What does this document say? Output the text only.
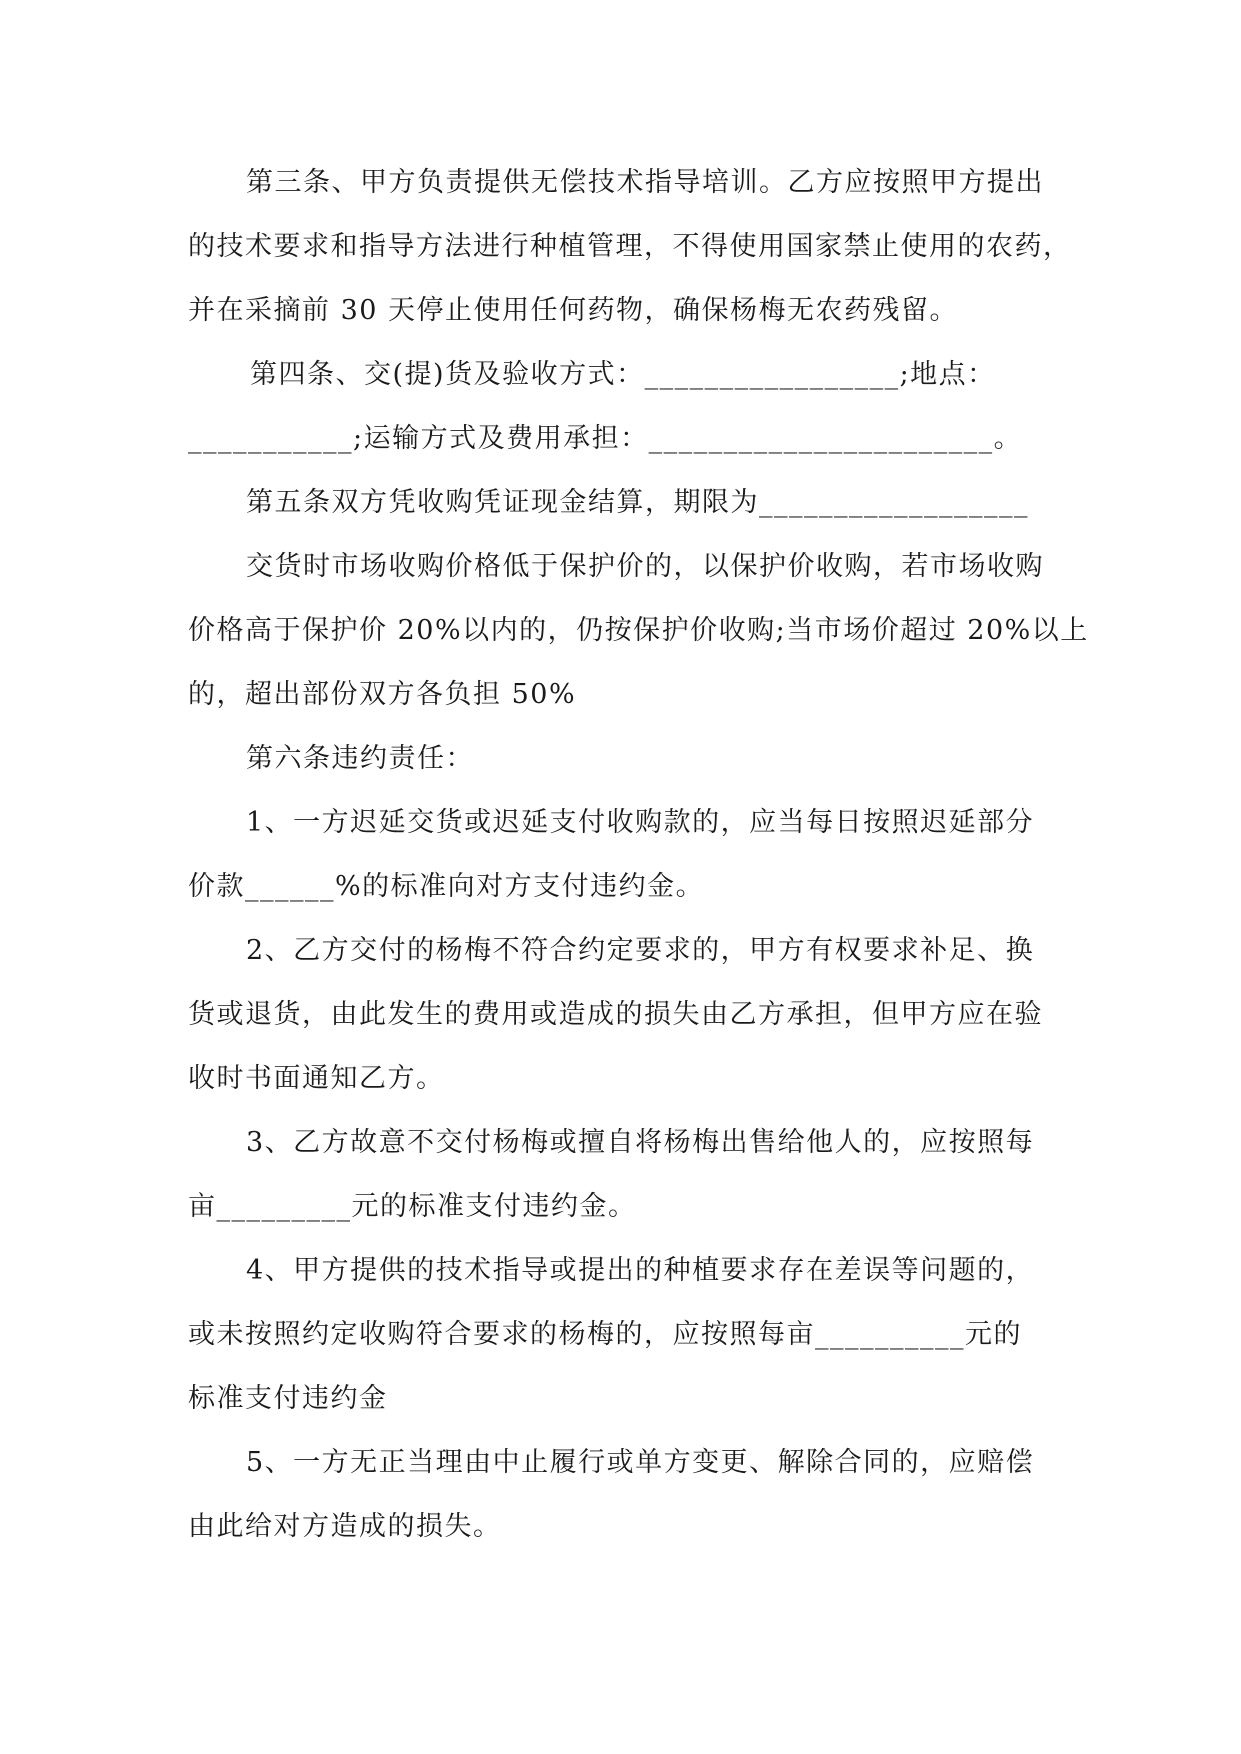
第三条、甲方负责提供无偿技术指导培训。乙方应按照甲方提出
的技术要求和指导方法进行种植管理，不得使用国家禁止使用的农药，
并在采摘前 30 天停止使用任何药物，确保杨梅无农药残留。
第四条、交(提)货及验收方式：_________________;地点：
___________;运输方式及费用承担：_______________________。
第五条双方凭收购凭证现金结算，期限为__________________
交货时市场收购价格低于保护价的，以保护价收购，若市场收购
价格高于保护价 20%以内的，仍按保护价收购;当市场价超过 20%以上
的，超出部份双方各负担 50%
第六条违约责任：
1、一方迟延交货或迟延支付收购款的，应当每日按照迟延部分
价款______%的标准向对方支付违约金。
2、乙方交付的杨梅不符合约定要求的，甲方有权要求补足、换
货或退货，由此发生的费用或造成的损失由乙方承担，但甲方应在验
收时书面通知乙方。
3、乙方故意不交付杨梅或擅自将杨梅出售给他人的，应按照每
亩_________元的标准支付违约金。
4、甲方提供的技术指导或提出的种植要求存在差误等问题的，
或未按照约定收购符合要求的杨梅的，应按照每亩__________元的
标准支付违约金
5、一方无正当理由中止履行或单方变更、解除合同的，应赔偿
由此给对方造成的损失。
